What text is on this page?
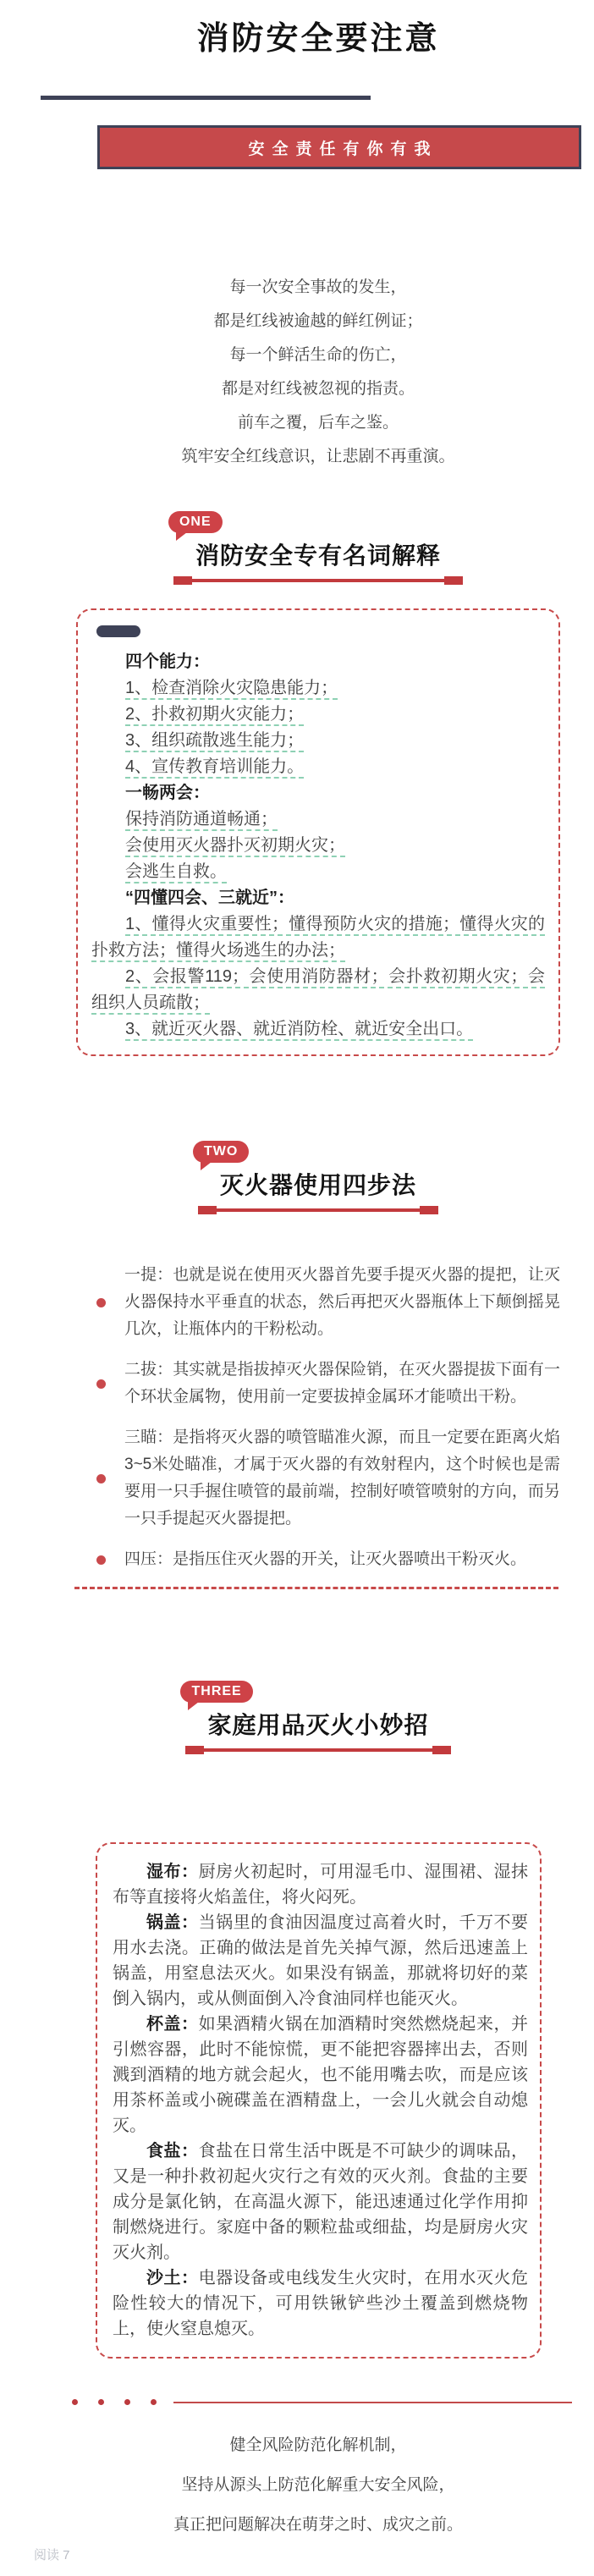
消防安全要注意
安全责任有你有我
每一次安全事故的发生，
都是红线被逾越的鲜红例证；
每一个鲜活生命的伤亡，
都是对红线被忽视的指责。
前车之覆，后车之鉴。
筑牢安全红线意识，让悲剧不再重演。
ONE
消防安全专有名词解释

四个能力：

1、检查消除火灾隐患能力；

2、扑救初期火灾能力；

3、组织疏散逃生能力；

4、宣传教育培训能力。

一畅两会：

保持消防通道畅通；

会使用灭火器扑灭初期火灾；

会逃生自救。

“四懂四会、三就近”：

1、懂得火灾重要性；懂得预防火灾的措施；懂得火灾的扑救方法；懂得火场逃生的办法；

2、会报警119；会使用消防器材；会扑救初期火灾；会组织人员疏散；

3、就近灭火器、就近消防栓、就近安全出口。

TWO
灭火器使用四步法
一提：也就是说在使用灭火器首先要手提灭火器的提把，让灭火器保持水平垂直的状态，然后再把灭火器瓶体上下颠倒摇晃几次，让瓶体内的干粉松动。
二拔：其实就是指拔掉灭火器保险销，在灭火器提拔下面有一个环状金属物，使用前一定要拔掉金属环才能喷出干粉。
三瞄：是指将灭火器的喷管瞄准火源，而且一定要在距离火焰3~5米处瞄准，才属于灭火器的有效射程内，这个时候也是需要用一只手握住喷管的最前端，控制好喷管喷射的方向，而另一只手提起灭火器提把。
四压：是指压住灭火器的开关，让灭火器喷出干粉灭火。
THREE
家庭用品灭火小妙招

湿布：厨房火初起时，可用湿毛巾、湿围裙、湿抹布等直接将火焰盖住，将火闷死。

锅盖：当锅里的食油因温度过高着火时，千万不要用水去浇。正确的做法是首先关掉气源，然后迅速盖上锅盖，用窒息法灭火。如果没有锅盖，那就将切好的菜倒入锅内，或从侧面倒入冷食油同样也能灭火。

杯盖：如果酒精火锅在加酒精时突然燃烧起来，并引燃容器，此时不能惊慌，更不能把容器摔出去，否则溅到酒精的地方就会起火，也不能用嘴去吹，而是应该用茶杯盖或小碗碟盖在酒精盘上，一会儿火就会自动熄灭。

食盐：食盐在日常生活中既是不可缺少的调味品，又是一种扑救初起火灾行之有效的灭火剂。食盐的主要成分是氯化钠，在高温火源下，能迅速通过化学作用抑制燃烧进行。家庭中备的颗粒盐或细盐，均是厨房火灾灭火剂。

沙土：电器设备或电线发生火灾时，在用水灭火危险性较大的情况下，可用铁锹铲些沙土覆盖到燃烧物上，使火窒息熄灭。

健全风险防范化解机制，
坚持从源头上防范化解重大安全风险，
真正把问题解决在萌芽之时、成灾之前。
阅读 7
